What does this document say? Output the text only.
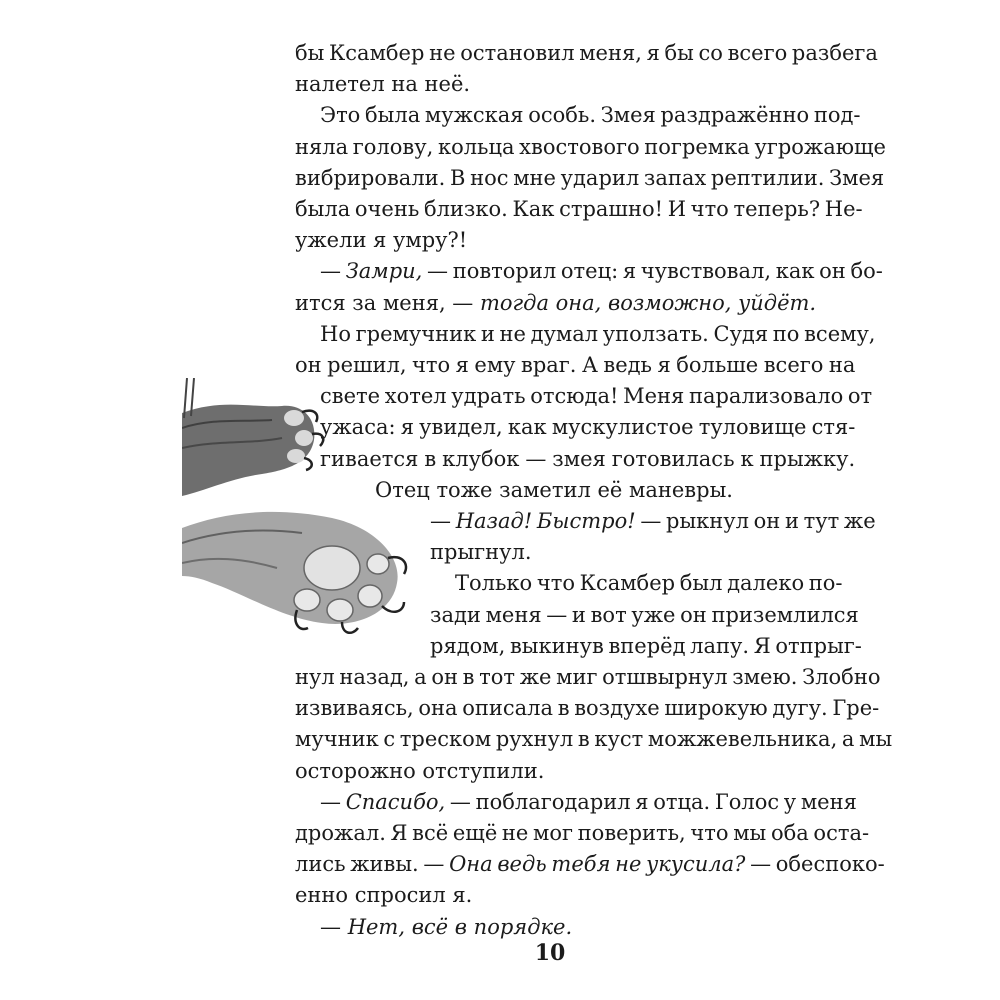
бы Ксамбер не остановил меня, я бы со всего разбега
налетел на неё.
Это была мужская особь. Змея раздражённо под-
няла голову, кольца хвостового погремка угрожающе
вибрировали. В нос мне ударил запах рептилии. Змея
была очень близко. Как страшно! И что теперь? Не-
ужели я умру?!
— Замри, — повторил отец: я чувствовал, как он бо-
ится за меня, — тогда она, возможно, уйдёт.
Но гремучник и не думал уползать. Судя по всему,
он решил, что я ему враг. А ведь я больше всего на
свете хотел удрать отсюда! Меня парализовало от
ужаса: я увидел, как мускулистое туловище стя-
гивается в клубок — змея готовилась к прыжку.
Отец тоже заметил её маневры.
— Назад! Быстро! — рыкнул он и тут же
прыгнул.
Только что Ксамбер был далеко по-
зади меня — и вот уже он приземлился
рядом, выкинув вперёд лапу. Я отпрыг-
нул назад, а он в тот же миг отшвырнул змею. Злобно
извиваясь, она описала в воздухе широкую дугу. Гре-
мучник с треском рухнул в куст можжевельника, а мы
осторожно отступили.
— Спасибо, — поблагодарил я отца. Голос у меня
дрожал. Я всё ещё не мог поверить, что мы оба оста-
лись живы. — Она ведь тебя не укусила? — обеспоко-
енно спросил я.
— Нет, всё в порядке.
10
